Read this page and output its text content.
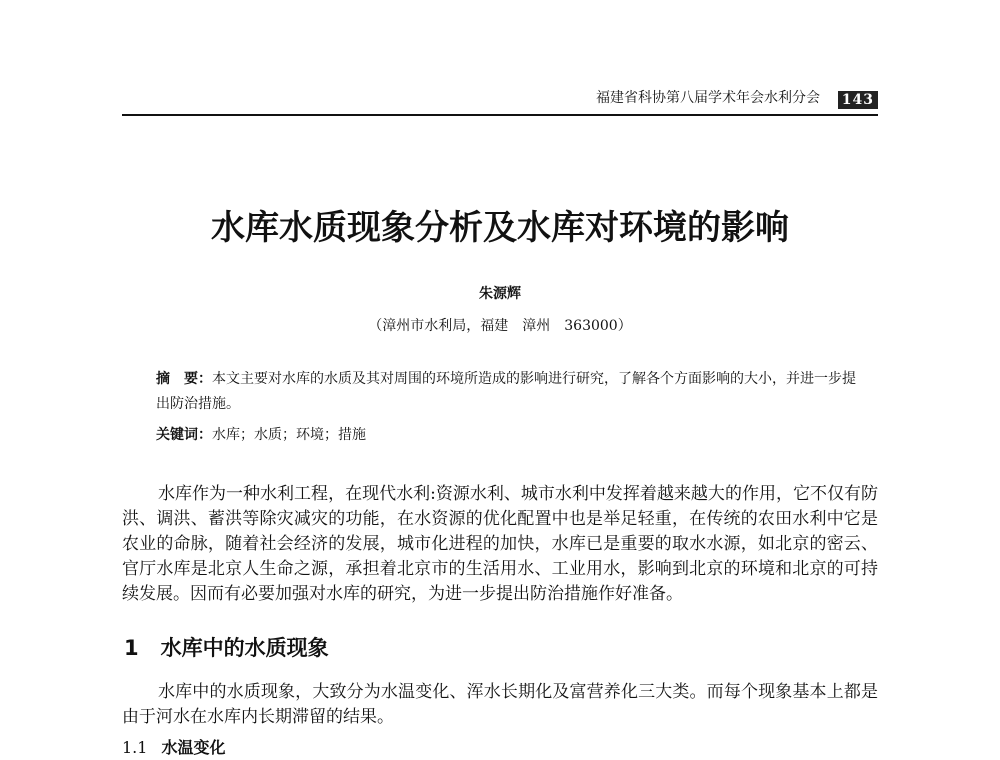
福建省科协第八届学术年会水利分会 143
水库水质现象分析及水库对环境的影响
朱源辉
（漳州市水利局，福建　漳州　363000）
摘　要：本文主要对水库的水质及其对周围的环境所造成的影响进行研究，了解各个方面影响的大小，并进一步提出防治措施。
关键词：水库；水质；环境；措施

水库作为一种水利工程，在现代水利:资源水利、城市水利中发挥着越来越大的作用，它不仅有防洪、调洪、蓄洪等除灾减灾的功能，在水资源的优化配置中也是举足轻重，在传统的农田水利中它是农业的命脉，随着社会经济的发展，城市化进程的加快，水库已是重要的取水水源，如北京的密云、官厅水库是北京人生命之源，承担着北京市的生活用水、工业用水，影响到北京的环境和北京的可持续发展。因而有必要加强对水库的研究，为进一步提出防治措施作好准备。

1 水库中的水质现象

水库中的水质现象，大致分为水温变化、浑水长期化及富营养化三大类。而每个现象基本上都是由于河水在水库内长期滞留的结果。

1.1 水温变化
